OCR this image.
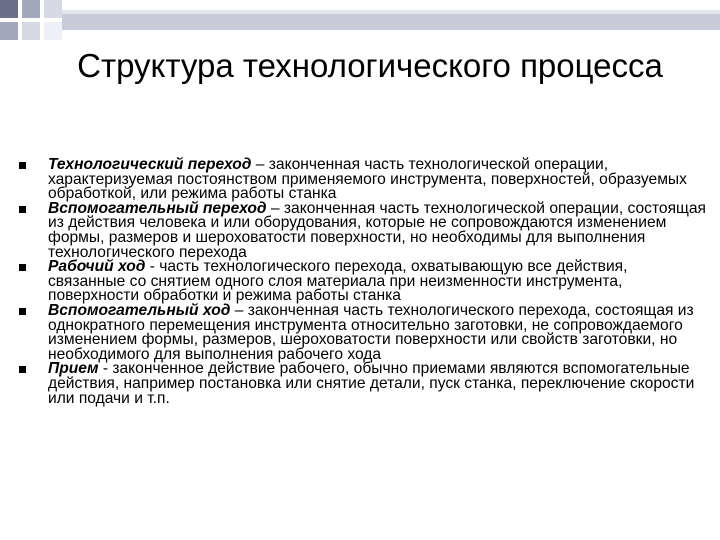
Структура технологического процесса
Технологический переход – законченная часть технологической операции, характеризуемая постоянством применяемого инструмента, поверхностей, образуемых обработкой, или режима работы станка
Вспомогательный переход – законченная часть технологической операции, состоящая из действия человека и или оборудования, которые не сопровождаются изменением формы, размеров и шероховатости поверхности, но необходимы для выполнения технологического перехода
Рабочий ход - часть технологического перехода, охватывающую все действия, связанные со снятием одного слоя материала при неизменности инструмента, поверхности обработки и режима работы станка
Вспомогательный ход – законченная часть технологического перехода, состоящая из однократного перемещения инструмента относительно заготовки, не сопровождаемого изменением формы, размеров, шероховатости поверхности или свойств заготовки, но необходимого для выполнения рабочего хода
Прием - законченное действие рабочего, обычно приемами являются вспомогательные действия, например постановка или снятие детали, пуск станка, переключение скорости или подачи и т.п.
